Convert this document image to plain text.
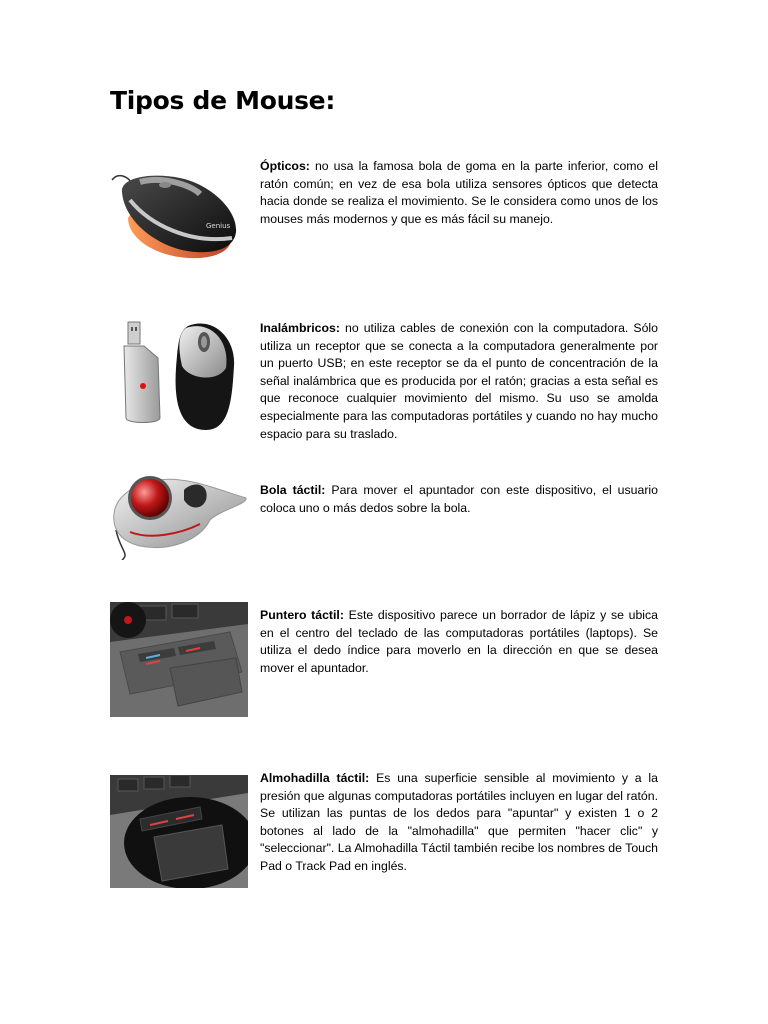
Tipos de Mouse:
Genius
Ópticos: no usa la famosa bola de goma en la parte inferior, como el ratón común; en vez de esa bola utiliza sensores ópticos que detecta hacia donde se realiza el movimiento. Se le considera como unos de los mouses más modernos y que es más fácil su manejo.
Inalámbricos: no utiliza cables de conexión con la computadora. Sólo utiliza un receptor que se conecta a la computadora generalmente por un puerto USB; en este receptor se da el punto de concentración de la señal inalámbrica que es producida por el ratón; gracias a esta señal es que reconoce cualquier movimiento del mismo. Su uso se amolda especialmente para las computadoras portátiles y cuando no hay mucho espacio para su traslado.
Bola táctil: Para mover el apuntador con este dispositivo, el usuario coloca uno o más dedos sobre la bola.
Puntero táctil: Este dispositivo parece un borrador de lápiz y se ubica en el centro del teclado de las computadoras portátiles (laptops). Se utiliza el dedo índice para moverlo en la dirección en que se desea mover el apuntador.
Almohadilla táctil: Es una superficie sensible al movimiento y a la presión que algunas computadoras portátiles incluyen en lugar del ratón. Se utilizan las puntas de los dedos para "apuntar" y existen 1 o 2 botones al lado de la "almohadilla" que permiten "hacer clic" y "seleccionar". La Almohadilla Táctil también recibe los nombres de Touch Pad o Track Pad en inglés.
